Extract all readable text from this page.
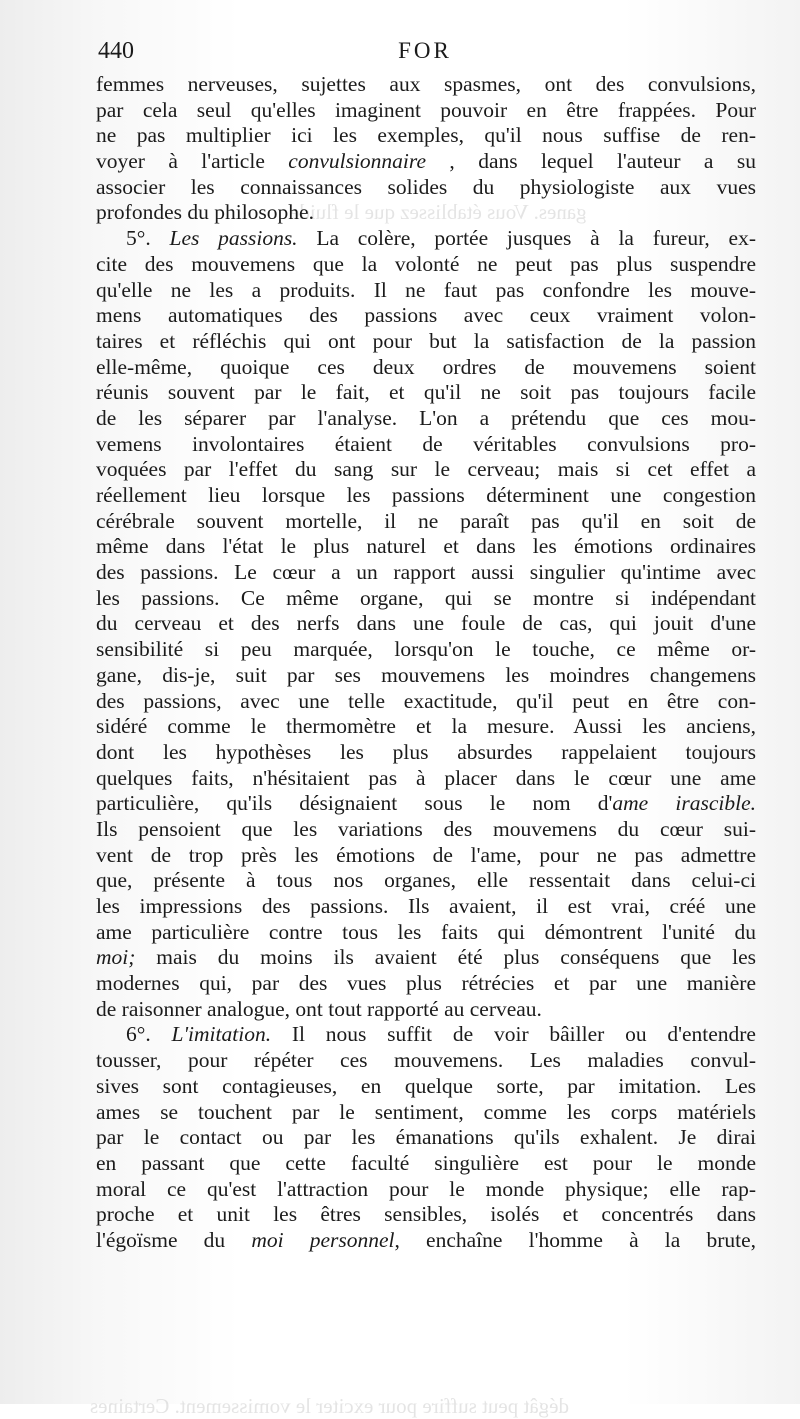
ganes. Vous établissez que le fluide
440	FOR
femmes nerveuses, sujettes aux spasmes, ont des convulsions,
par cela seul qu'elles imaginent pouvoir en être frappées. Pour
ne pas multiplier ici les exemples, qu'il nous suffise de ren-
voyer à l'article convulsionnaire , dans lequel l'auteur a su
associer les connaissances solides du physiologiste aux vues
profondes du philosophe.
5°. Les passions. La colère, portée jusques à la fureur, ex-
cite des mouvemens que la volonté ne peut pas plus suspendre
qu'elle ne les a produits. Il ne faut pas confondre les mouve-
mens automatiques des passions avec ceux vraiment volon-
taires et réfléchis qui ont pour but la satisfaction de la passion
elle-même, quoique ces deux ordres de mouvemens soient
réunis souvent par le fait, et qu'il ne soit pas toujours facile
de les séparer par l'analyse. L'on a prétendu que ces mou-
vemens involontaires étaient de véritables convulsions pro-
voquées par l'effet du sang sur le cerveau; mais si cet effet a
réellement lieu lorsque les passions déterminent une congestion
cérébrale souvent mortelle, il ne paraît pas qu'il en soit de
même dans l'état le plus naturel et dans les émotions ordinaires
des passions. Le cœur a un rapport aussi singulier qu'intime avec
les passions. Ce même organe, qui se montre si indépendant
du cerveau et des nerfs dans une foule de cas, qui jouit d'une
sensibilité si peu marquée, lorsqu'on le touche, ce même or-
gane, dis-je, suit par ses mouvemens les moindres changemens
des passions, avec une telle exactitude, qu'il peut en être con-
sidéré comme le thermomètre et la mesure. Aussi les anciens,
dont les hypothèses les plus absurdes rappelaient toujours
quelques faits, n'hésitaient pas à placer dans le cœur une ame
particulière, qu'ils désignaient sous le nom d'ame irascible.
Ils pensoient que les variations des mouvemens du cœur sui-
vent de trop près les émotions de l'ame, pour ne pas admettre
que, présente à tous nos organes, elle ressentait dans celui-ci
les impressions des passions. Ils avaient, il est vrai, créé une
ame particulière contre tous les faits qui démontrent l'unité du
moi; mais du moins ils avaient été plus conséquens que les
modernes qui, par des vues plus rétrécies et par une manière
de raisonner analogue, ont tout rapporté au cerveau.
6°. L'imitation. Il nous suffit de voir bâiller ou d'entendre
tousser, pour répéter ces mouvemens. Les maladies convul-
sives sont contagieuses, en quelque sorte, par imitation. Les
ames se touchent par le sentiment, comme les corps matériels
par le contact ou par les émanations qu'ils exhalent. Je dirai
en passant que cette faculté singulière est pour le monde
moral ce qu'est l'attraction pour le monde physique; elle rap-
proche et unit les êtres sensibles, isolés et concentrés dans
l'égoïsme du moi personnel, enchaîne l'homme à la brute,
dégât peut suffire pour exciter le vomissement. Certaines
